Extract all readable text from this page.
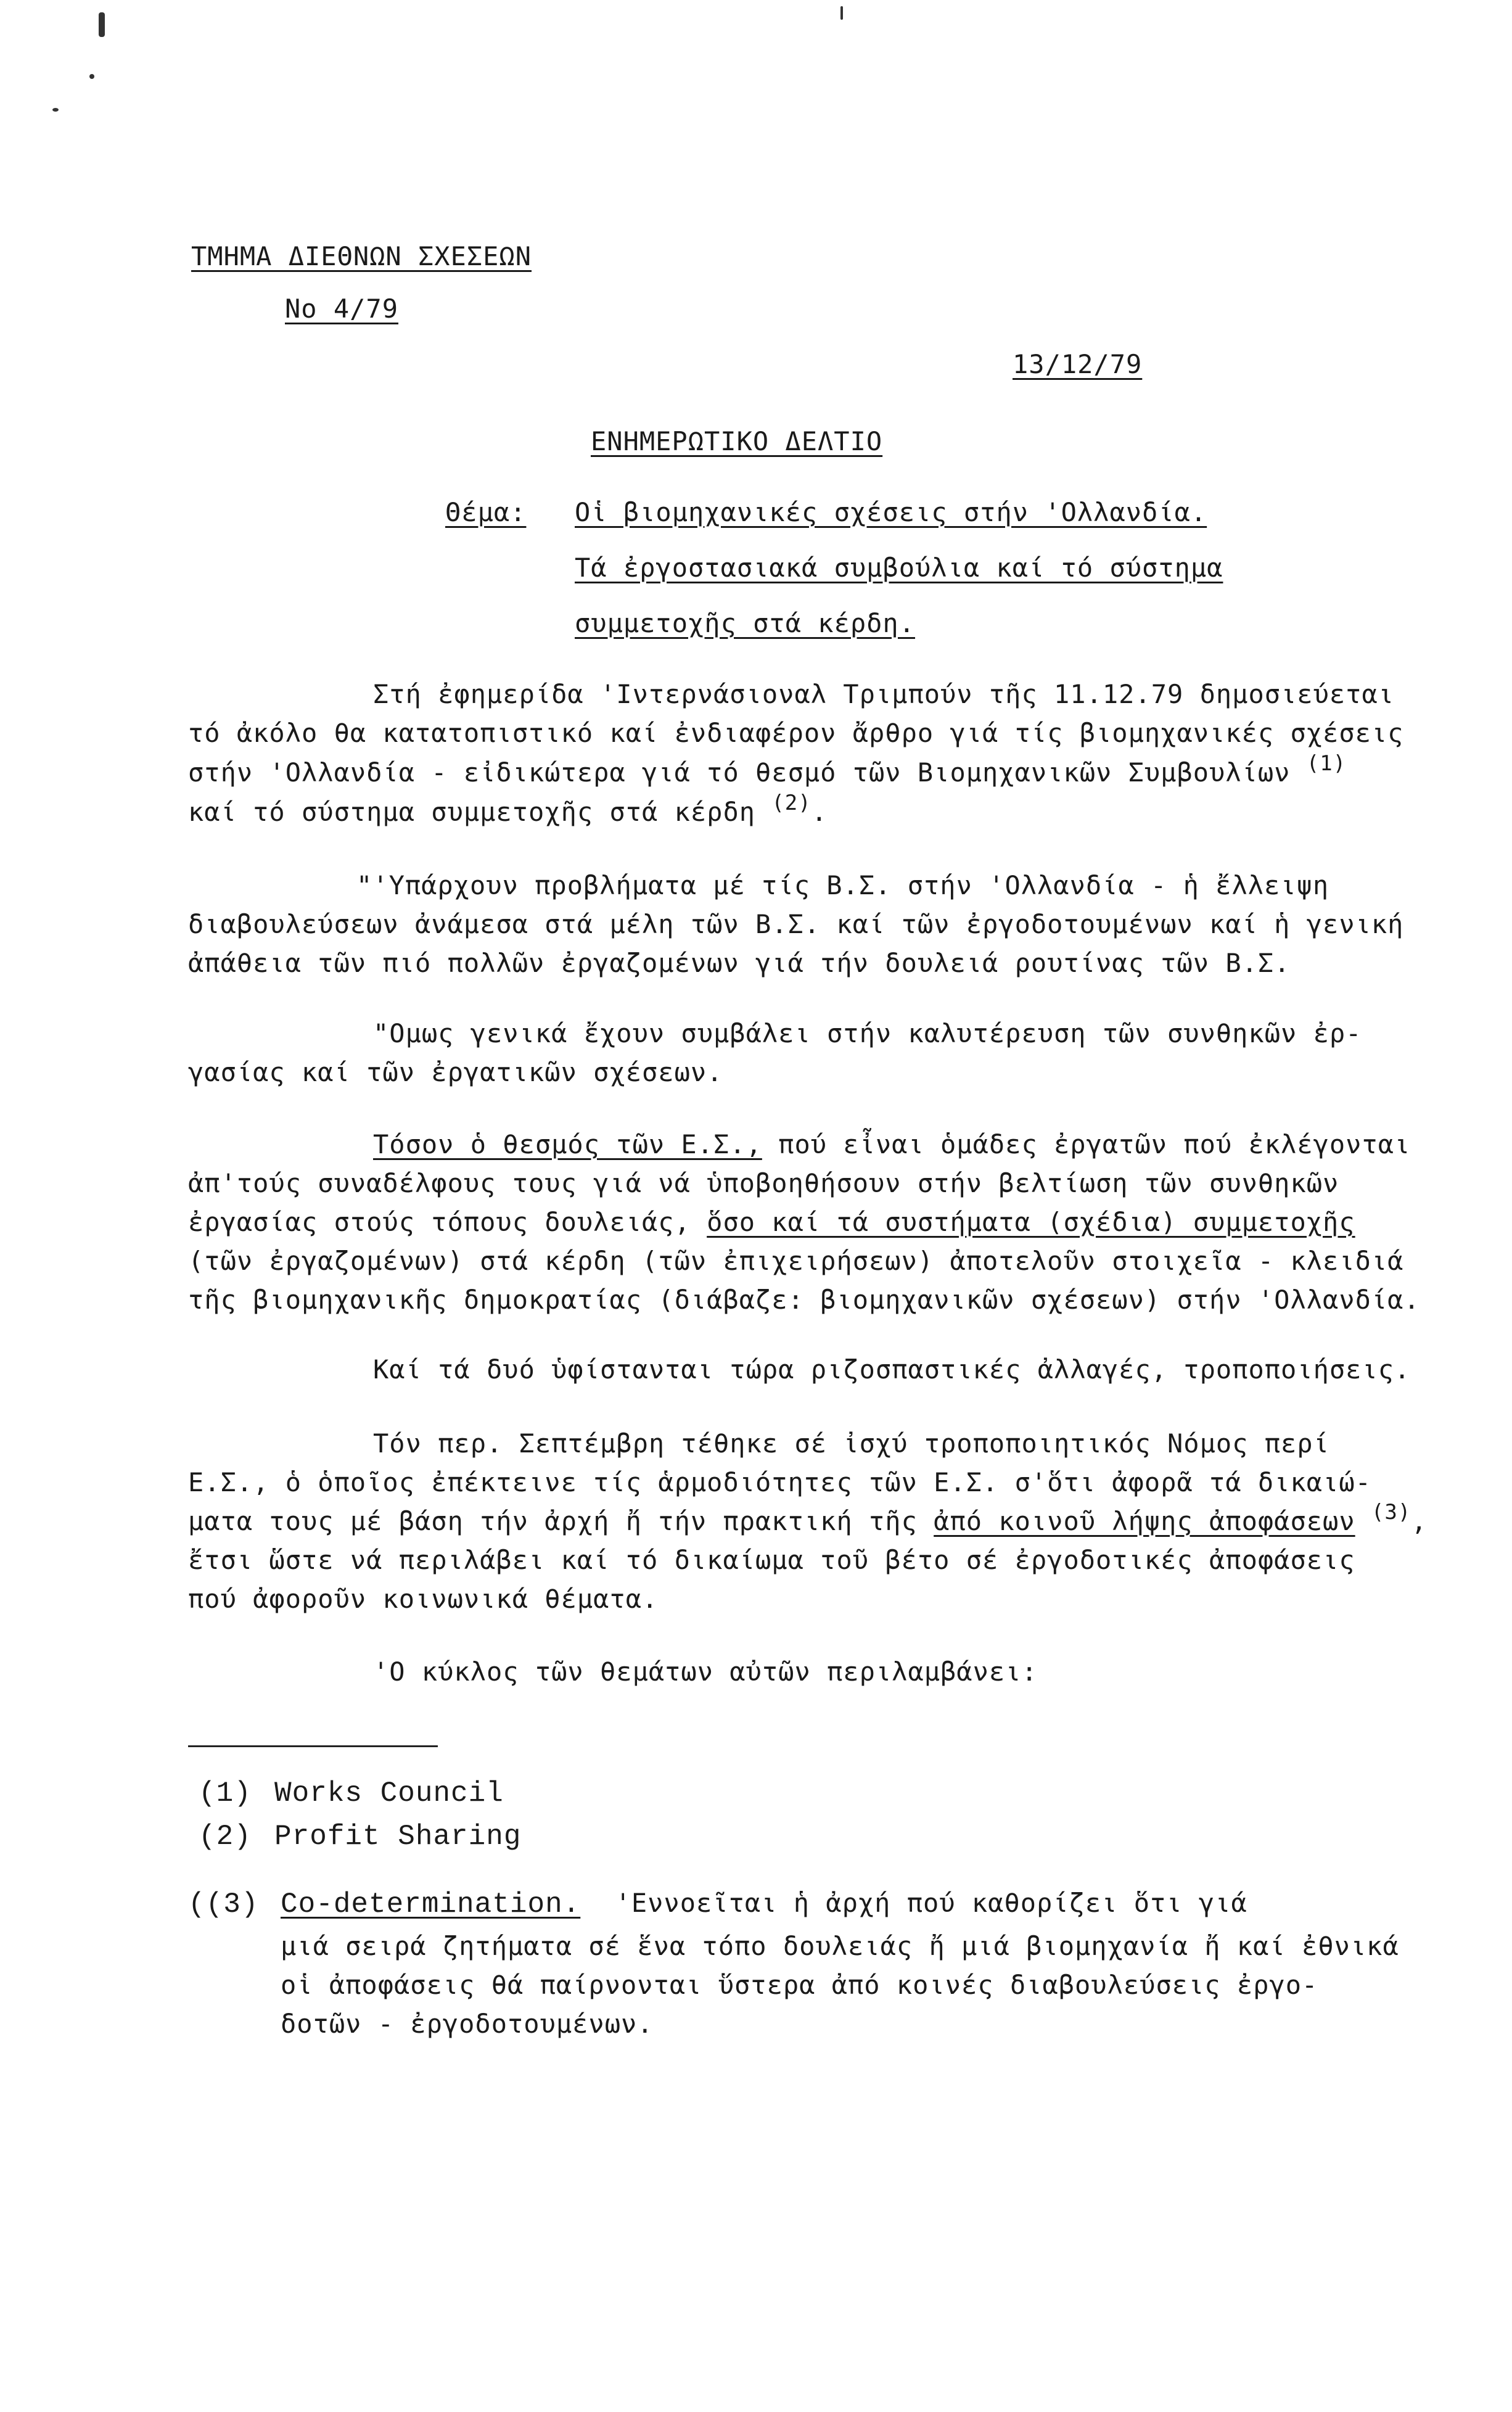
ΤΜΗΜΑ ΔΙΕΘΝΩΝ ΣΧΕΣΕΩΝ
No 4/79
13/12/79
ΕΝΗΜΕΡΩΤΙΚΟ ΔΕΛΤΙΟ
Θέμα: Οἱ βιομηχανικές σχέσεις στήν 'Ολλανδία.
Τά ἐργοστασιακά συμβούλια καί τό σύστημα
συμμετοχῆς στά κέρδη.
Στή ἐφημερίδα 'Ιντερνάσιοναλ Τριμπούν τῆς 11.12.79 δημοσιεύεται
τό ἀκόλο θα κατατοπιστικό καί ἐνδιαφέρον ἄρθρο γιά τίς βιομηχανικές σχέσεις
στήν 'Ολλανδία - εἰδικώτερα γιά τό θεσμό τῶν Βιομηχανικῶν Συμβουλίων $^{(1)}$
καί τό σύστημα συμμετοχῆς στά κέρδη $^{(2)}$.
"'Υπάρχουν προβλήματα μέ τίς Β.Σ. στήν 'Ολλανδία - ἡ ἔλλειψη
διαβουλεύσεων ἀνάμεσα στά μέλη τῶν Β.Σ. καί τῶν ἐργοδοτουμένων καί ἡ γενική
ἀπάθεια τῶν πιό πολλῶν ἐργαζομένων γιά τήν δουλειά ρουτίνας τῶν Β.Σ.
"Ομως γενικά ἔχουν συμβάλει στήν καλυτέρευση τῶν συνθηκῶν ἐρ-
γασίας καί τῶν ἐργατικῶν σχέσεων.
Τόσον ὁ θεσμός τῶν Ε.Σ., πού εἶναι ὁμάδες ἐργατῶν πού ἐκλέγονται
ἀπ'τούς συναδέλφους τους γιά νά ὑποβοηθήσουν στήν βελτίωση τῶν συνθηκῶν
ἐργασίας στούς τόπους δουλειάς, ὅσο καί τά συστήματα (σχέδια) συμμετοχῆς
(τῶν ἐργαζομένων) στά κέρδη (τῶν ἐπιχειρήσεων) ἀποτελοῦν στοιχεῖα - κλειδιά
τῆς βιομηχανικῆς δημοκρατίας (διάβαζε: βιομηχανικῶν σχέσεων) στήν 'Ολλανδία.
Καί τά δυό ὑφίστανται τώρα ριζοσπαστικές ἀλλαγές, τροποποιήσεις.
Τόν περ. Σεπτέμβρη τέθηκε σέ ἰσχύ τροποποιητικός Νόμος περί
Ε.Σ., ὁ ὁποῖος ἐπέκτεινε τίς ἁρμοδιότητες τῶν Ε.Σ. σ'ὅτι ἀφορᾶ τά δικαιώ-
ματα τους μέ βάση τήν ἀρχή ἤ τήν πρακτική τῆς ἀπό κοινοῦ λήψης ἀποφάσεων $^{(3)}$,
ἔτσι ὥστε νά περιλάβει καί τό δικαίωμα τοῦ βέτο σέ ἐργοδοτικές ἀποφάσεις
πού ἀφοροῦν κοινωνικά θέματα.
'Ο κύκλος τῶν θεμάτων αὐτῶν περιλαμβάνει:
(1) Works Council
(2) Profit Sharing
((3) Co-determination. 'Εννοεῖται ἡ ἀρχή πού καθορίζει ὅτι γιά
μιά σειρά ζητήματα σέ ἕνα τόπο δουλειάς ἤ μιά βιομηχανία ἤ καί ἐθνικά
οἱ ἀποφάσεις θά παίρνονται ὕστερα ἀπό κοινές διαβουλεύσεις ἐργο-
δοτῶν - ἐργοδοτουμένων.
